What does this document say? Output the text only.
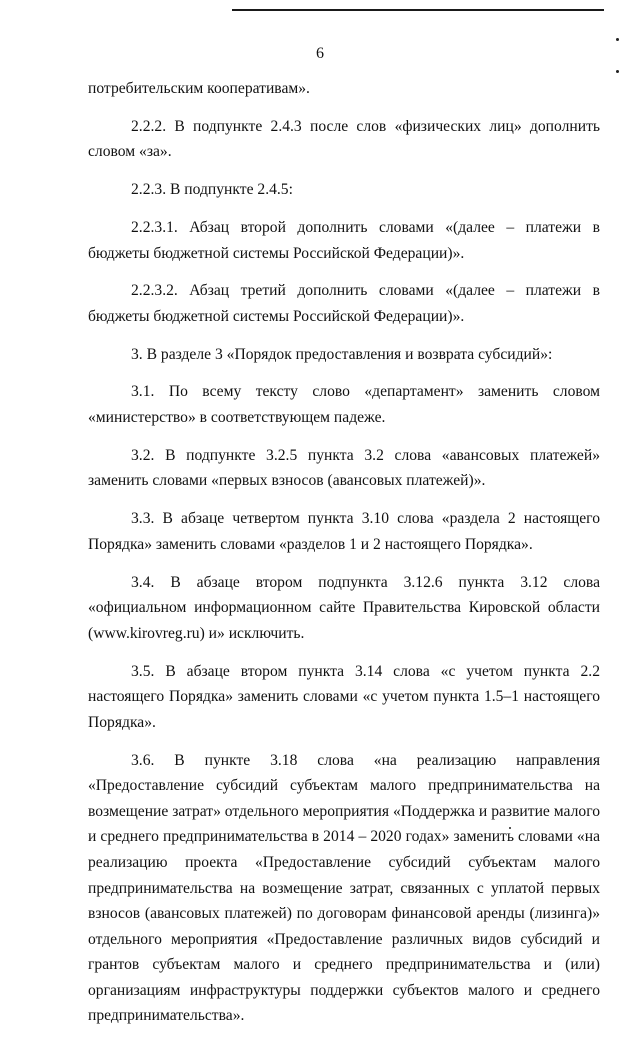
6

потребительским кооперативам».

2.2.2. В подпункте 2.4.3 после слов «физических лиц» дополнить словом «за».

2.2.3. В подпункте 2.4.5:

2.2.3.1. Абзац второй дополнить словами «(далее – платежи в бюджеты бюджетной системы Российской Федерации)».

2.2.3.2. Абзац третий дополнить словами «(далее – платежи в бюджеты бюджетной системы Российской Федерации)».

3. В разделе 3 «Порядок предоставления и возврата субсидий»:

3.1. По всему тексту слово «департамент» заменить словом «министерство» в соответствующем падеже.

3.2. В подпункте 3.2.5 пункта 3.2 слова «авансовых платежей» заменить словами «первых взносов (авансовых платежей)».

3.3. В абзаце четвертом пункта 3.10 слова «раздела 2 настоящего Порядка» заменить словами «разделов 1 и 2 настоящего Порядка».

3.4. В абзаце втором подпункта 3.12.6 пункта 3.12 слова «официальном информационном сайте Правительства Кировской области (www.kirovreg.ru) и» исключить.

3.5. В абзаце втором пункта 3.14 слова «с учетом пункта 2.2 настоящего Порядка» заменить словами «с учетом пункта 1.5–1 настоящего Порядка».

3.6. В пункте 3.18 слова «на реализацию направления «Предоставление субсидий субъектам малого предпринимательства на возмещение затрат» отдельного мероприятия «Поддержка и развитие малого и среднего предпринимательства в 2014 – 2020 годах» заменить словами «на реализацию проекта «Предоставление субсидий субъектам малого предпринимательства на возмещение затрат, связанных с уплатой первых взносов (авансовых платежей) по договорам финансовой аренды (лизинга)» отдельного мероприятия «Предоставление различных видов субсидий и грантов субъектам малого и среднего предпринимательства и (или) организациям инфраструктуры поддержки субъектов малого и среднего предпринимательства».
